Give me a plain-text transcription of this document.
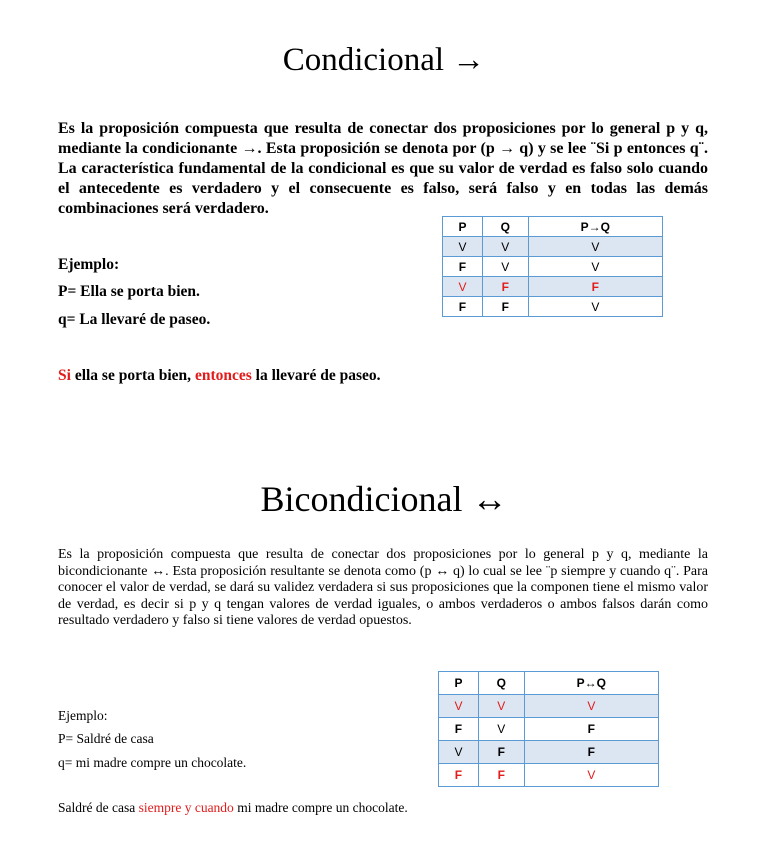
Condicional →

Es la proposición compuesta que resulta de conectar dos proposiciones por lo general p y q, mediante la condicionante →. Esta proposición se denota por (p → q) y se lee ¨Si p entonces q¨. La característica fundamental de la condicional es que su valor de verdad es falso solo cuando el antecedente es verdadero y el consecuente es falso, será falso y en todas las demás combinaciones será verdadero.

P	Q	P→Q
V	V	V
F	V	V
V	F	F
F	F	V

Ejemplo:

P= Ella se porta bien.

q= La llevaré de paseo.

Si ella se porta bien, entonces la llevaré de paseo.

Bicondicional ↔

Es la proposición compuesta que resulta de conectar dos proposiciones por lo general p y q, mediante la bicondicionante ↔. Esta proposición resultante se denota como (p ↔ q) lo cual se lee ¨p siempre y cuando q¨. Para conocer el valor de verdad, se dará su validez verdadera si sus proposiciones que la componen tiene el mismo valor de verdad, es decir si p y q tengan valores de verdad iguales, o ambos verdaderos o ambos falsos darán como resultado verdadero y falso si tiene valores de verdad opuestos.

P	Q	P↔Q
V	V	V
F	V	F
V	F	F
F	F	V

Ejemplo:

P= Saldré de casa

q= mi madre compre un chocolate.

Saldré de casa siempre y cuando mi madre compre un chocolate.
